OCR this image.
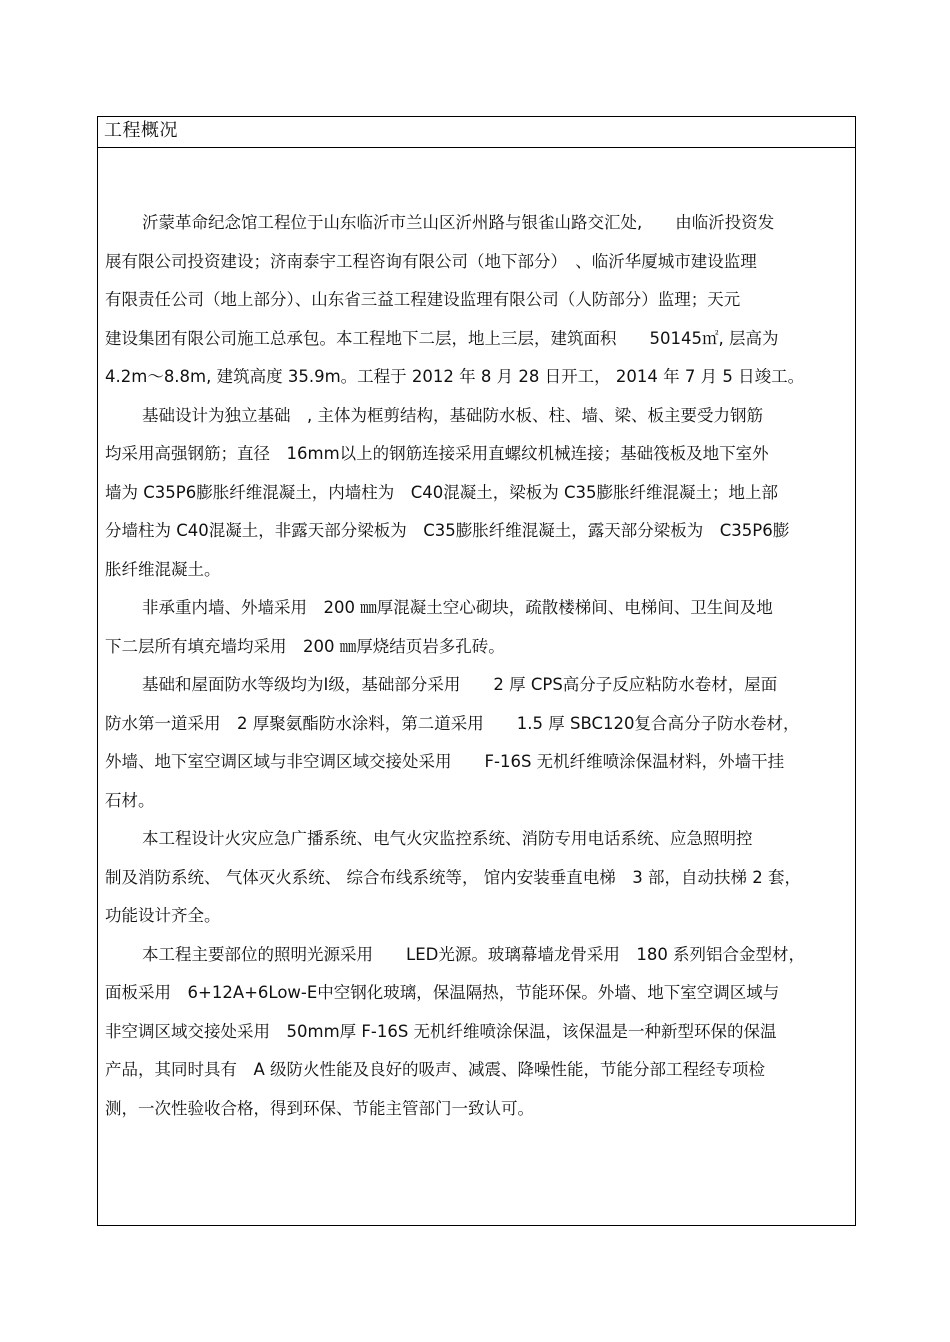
工程概况
沂蒙革命纪念馆工程位于山东临沂市兰山区沂州路与银雀山路交汇处,　　由临沂投资发
展有限公司投资建设；济南泰宇工程咨询有限公司（地下部分）　、临沂华厦城市建设监理
有限责任公司（地上部分）、山东省三益工程建设监理有限公司（人防部分）监理；天元
建设集团有限公司施工总承包。本工程地下二层，地上三层，建筑面积　　50145㎡, 层高为
4.2m～8.8m, 建筑高度 35.9m。工程于 2012 年 8 月 28 日开工， 2014 年 7 月 5 日竣工。
基础设计为独立基础　, 主体为框剪结构，基础防水板、柱、墙、梁、板主要受力钢筋
均采用高强钢筋；直径　16mm以上的钢筋连接采用直螺纹机械连接；基础筏板及地下室外
墙为 C35P6膨胀纤维混凝土，内墙柱为　C40混凝土，梁板为 C35膨胀纤维混凝土；地上部
分墙柱为 C40混凝土，非露天部分梁板为　C35膨胀纤维混凝土，露天部分梁板为　C35P6膨
胀纤维混凝土。
非承重内墙、外墙采用　200 ㎜厚混凝土空心砌块，疏散楼梯间、电梯间、卫生间及地
下二层所有填充墙均采用　200 ㎜厚烧结页岩多孔砖。
基础和屋面防水等级均为Ⅰ级，基础部分采用　　2 厚 CPS高分子反应粘防水卷材，屋面
防水第一道采用　2 厚聚氨酯防水涂料，第二道采用　　1.5 厚 SBC120复合高分子防水卷材，
外墙、地下室空调区域与非空调区域交接处采用　　F-16S 无机纤维喷涂保温材料，外墙干挂
石材。
本工程设计火灾应急广播系统、电气火灾监控系统、消防专用电话系统、应急照明控
制及消防系统、 气体灭火系统、 综合布线系统等， 馆内安装垂直电梯　3 部，自动扶梯 2 套，
功能设计齐全。
本工程主要部位的照明光源采用　　LED光源。玻璃幕墙龙骨采用　180 系列铝合金型材，
面板采用　6+12A+6Low-E中空钢化玻璃，保温隔热，节能环保。外墙、地下室空调区域与
非空调区域交接处采用　50mm厚 F-16S 无机纤维喷涂保温，该保温是一种新型环保的保温
产品，其同时具有　A 级防火性能及良好的吸声、减震、降噪性能，节能分部工程经专项检
测，一次性验收合格，得到环保、节能主管部门一致认可。
